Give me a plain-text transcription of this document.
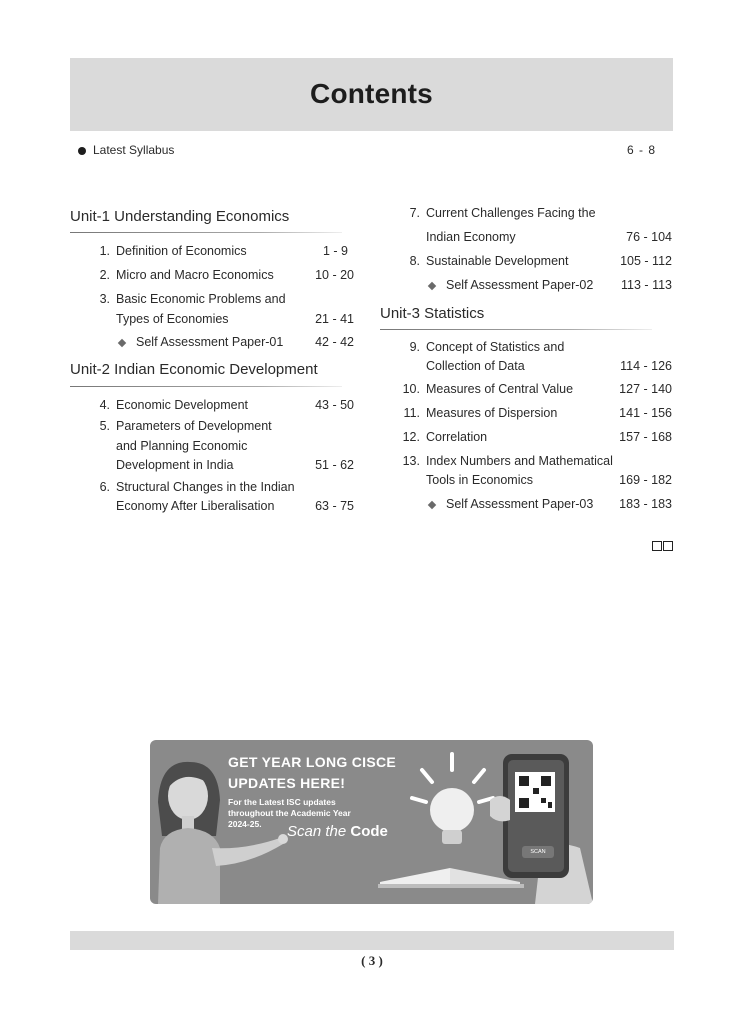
Contents
Latest Syllabus	6 - 8
Unit-1 Understanding Economics
Unit-2 Indian Economic Development
Unit-3 Statistics
1. Definition of Economics	1 - 9
2. Micro and Macro Economics	10 - 20
3. Basic Economic Problems and
Types of Economies	21 - 41
Self Assessment Paper-01	42 - 42
4. Economic Development	43 - 50
5. Parameters of Development
and Planning Economic
Development in India	51 - 62
6. Structural Changes in the Indian
Economy After Liberalisation	63 - 75
7. Current Challenges Facing the
Indian Economy	76 - 104
8. Sustainable Development	105 - 112
Self Assessment Paper-02 113 - 113
9. Concept of Statistics and
Collection of Data	114 - 126
10. Measures of Central Value	127 - 140
11. Measures of Dispersion	141 - 156
12. Correlation	157 - 168
13. Index Numbers and Mathematical
Tools in Economics	169 - 182
Self Assessment Paper-03 183 - 183
GET YEAR LONG CISCE
UPDATES HERE!
For the Latest ISC updates
throughout the Academic Year
2024-25.	Scan the Code
SCAN
( 3 )
